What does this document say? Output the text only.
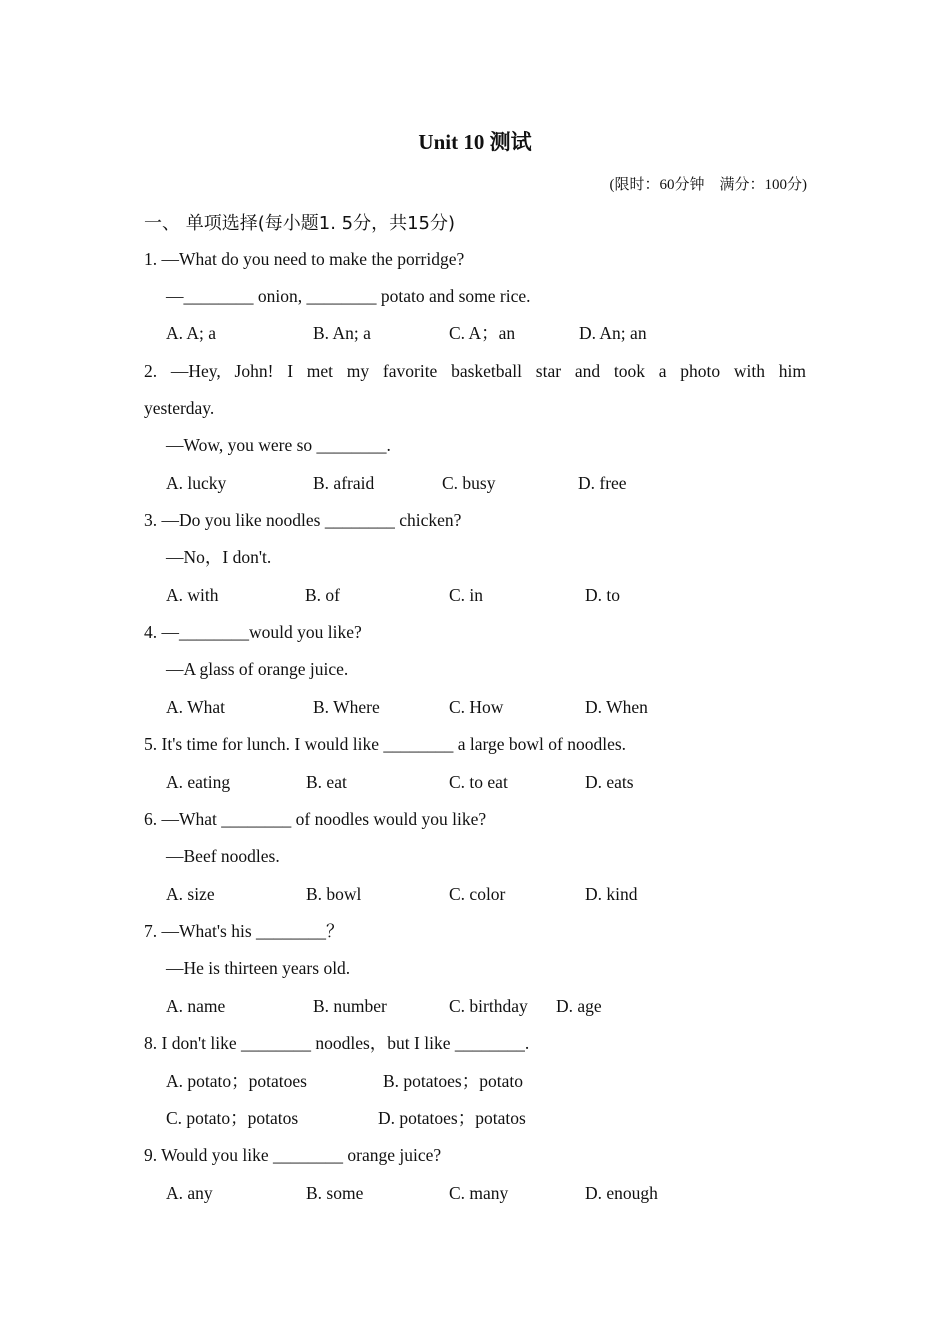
Unit 10 测试
(限时：60分钟　满分：100分)
一、 单项选择(每小题1. 5分，共15分)
1. —What do you need to make the porridge?
—________ onion, ________ potato and some rice.
A. A; a	B. An; a	C. A；an	D. An; an
2. —Hey, John! I met my favorite basketball star and took a photo with him
yesterday.
—Wow, you were so ________.
A. lucky	B. afraid	C. busy	D. free
3. —Do you like noodles ________ chicken?
—No，I don't.
A. with	B. of	C. in	D. to
4. —________would you like?
—A glass of orange juice.
A. What	B. Where	C. How	D. When
5. It's time for lunch. I would like ________ a large bowl of noodles.
A. eating	B. eat	C. to eat	D. eats
6. —What ________ of noodles would you like?
—Beef noodles.
A. size	B. bowl	C. color	D. kind
7. —What's his ________？
—He is thirteen years old.
A. name	B. number	C. birthday D. age
8. I don't like ________ noodles，but I like ________.
A. potato；potatoes	B. potatoes；potato
C. potato；potatos	D. potatoes；potatos
9. Would you like ________ orange juice?
A. any	B. some	C. many	D. enough
